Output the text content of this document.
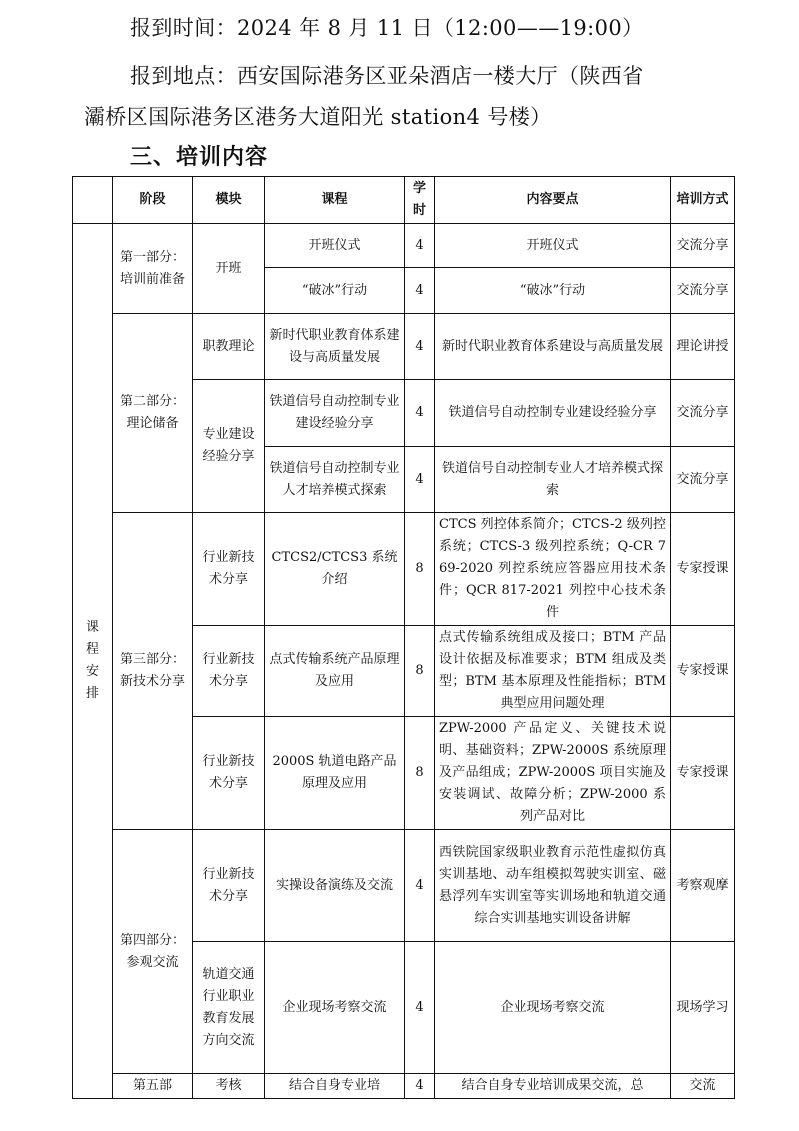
报到时间：2024 年 8 月 11 日（12:00——19:00）
报到地点：西安国际港务区亚朵酒店一楼大厅（陕西省
灞桥区国际港务区港务大道阳光 station4 号楼）
三、培训内容
	阶段	模块	课程	学时	内容要点	培训方式
课程安排	第一部分：培训前准备	开班	开班仪式	4	开班仪式	交流分享
			“破冰”行动	4	“破冰”行动	交流分享
	第二部分：理论储备	职教理论	新时代职业教育体系建设与高质量发展	4	新时代职业教育体系建设与高质量发展	理论讲授
		专业建设经验分享	铁道信号自动控制专业建设经验分享	4	铁道信号自动控制专业建设经验分享	交流分享
			铁道信号自动控制专业人才培养模式探索	4	铁道信号自动控制专业人才培养模式探索	交流分享
	第三部分：新技术分享	行业新技术分享	CTCS2/CTCS3 系统介绍	8	CTCS 列控体系简介；CTCS-2 级列控系统；CTCS-3 级列控系统；Q-CR 769-2020 列控系统应答器应用技术条件；QCR 817-2021 列控中心技术条件	专家授课
		行业新技术分享	点式传输系统产品原理及应用	8	点式传输系统组成及接口；BTM 产品设计依据及标准要求；BTM 组成及类型；BTM 基本原理及性能指标；BTM 典型应用问题处理	专家授课
		行业新技术分享	2000S 轨道电路产品原理及应用	8	ZPW-2000 产品定义、关键技术说明、基础资料；ZPW-2000S 系统原理及产品组成；ZPW-2000S 项目实施及安装调试、故障分析；ZPW-2000 系列产品对比	专家授课
	第四部分：参观交流	行业新技术分享	实操设备演练及交流	4	西铁院国家级职业教育示范性虚拟仿真实训基地、动车组模拟驾驶实训室、磁悬浮列车实训室等实训场地和轨道交通综合实训基地实训设备讲解	考察观摩
		轨道交通行业职业教育发展方向交流	企业现场考察交流	4	企业现场考察交流	现场学习
	第五部	考核	结合自身专业培	4	结合自身专业培训成果交流，总	交流
